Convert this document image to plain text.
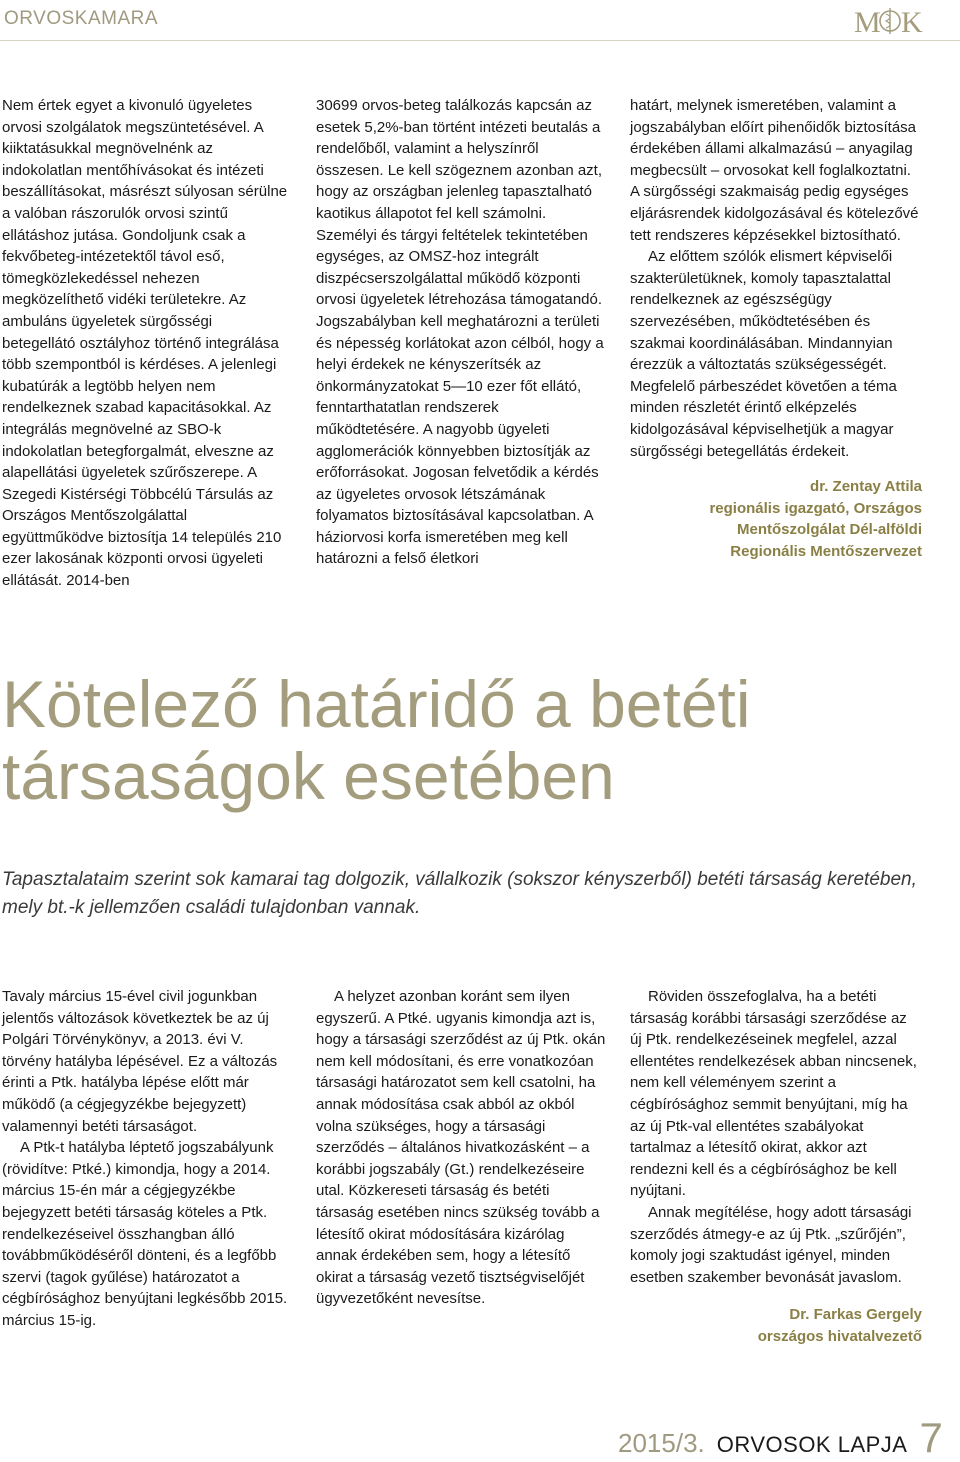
ORVOSKAMARA	M K

Nem értek egyet a kivonuló ügyeletes orvosi szolgálatok megszüntetésével. A kiiktatásukkal megnövelnénk az indokolatlan mentőhívásokat és intézeti beszállításokat, másrészt súlyosan sérülne a valóban rászorulók orvosi szintű ellátáshoz jutása. Gondoljunk csak a fekvőbeteg-intézetektől távol eső, tömegközlekedéssel nehezen megközelíthető vidéki területekre. Az ambuláns ügyeletek sürgősségi betegellátó osztályhoz történő integrálása több szempontból is kérdéses. A jelenlegi kubatúrák a legtöbb helyen nem rendelkeznek szabad kapacitásokkal. Az integrálás megnövelné az SBO-k indokolatlan betegforgalmát, elveszne az alapellátási ügyeletek szűrőszerepe. A Szegedi Kistérségi Többcélú Társulás az Országos Mentőszolgálattal együttműködve biztosítja 14 település 210 ezer lakosának központi orvosi ügyeleti ellátását. 2014-ben

30699 orvos-beteg találkozás kapcsán az esetek 5,2%-ban történt intézeti beutalás a rendelőből, valamint a helyszínről összesen. Le kell szögeznem azonban azt, hogy az országban jelenleg tapasztalható kaotikus állapotot fel kell számolni. Személyi és tárgyi feltételek tekintetében egységes, az OMSZ-hoz integrált diszpécserszolgálattal működő központi orvosi ügyeletek létrehozása támogatandó. Jogszabályban kell meghatározni a területi és népesség korlátokat azon célból, hogy a helyi érdekek ne kényszerítsék az önkormányzatokat 5—10 ezer főt ellátó, fenntarthatatlan rendszerek működtetésére. A nagyobb ügyeleti agglomerációk könnyebben biztosítják az erőforrásokat. Jogosan felvetődik a kérdés az ügyeletes orvosok létszámának folyamatos biztosításával kapcsolatban. A háziorvosi korfa ismeretében meg kell határozni a felső életkori

határt, melynek ismeretében, valamint a jogszabályban előírt pihenőidők biztosítása érdekében állami alkalmazású – anyagilag megbecsült – orvosokat kell foglalkoztatni. A sürgősségi szakmaiság pedig egységes eljárásrendek kidolgozásával és kötelezővé tett rendszeres képzésekkel biztosítható.

Az előttem szólók elismert képviselői szakterületüknek, komoly tapasztalattal rendelkeznek az egészségügy szervezésében, működtetésében és szakmai koordinálásában. Mindannyian érezzük a változtatás szükségességét. Megfelelő párbeszédet követően a téma minden részletét érintő elképzelés kidolgozásával képviselhetjük a magyar sürgősségi betegellátás érdekeit.

dr. Zentay Attila

regionális igazgató, Országos

Mentőszolgálat Dél-alföldi

Regionális Mentőszervezet

Kötelező határidő a betéti
társaságok esetében

Tapasztalataim szerint sok kamarai tag dolgozik, vállalkozik (sokszor kényszerből) betéti társaság keretében, mely bt.-k jellemzően családi tulajdonban vannak.

Tavaly március 15-ével civil jogunkban jelentős változások következtek be az új Polgári Törvénykönyv, a 2013. évi V. törvény hatályba lépésével. Ez a változás érinti a Ptk. hatályba lépése előtt már működő (a cégjegyzékbe bejegyzett) valamennyi betéti társaságot.

A Ptk-t hatályba léptető jogszabályunk (rövidítve: Ptké.) kimondja, hogy a 2014. március 15-én már a cégjegyzékbe bejegyzett betéti társaság köteles a Ptk. rendelkezéseivel összhangban álló továbbműködéséről dönteni, és a legfőbb szervi (tagok gyűlése) határozatot a cégbírósághoz benyújtani legkésőbb 2015. március 15-ig.

A helyzet azonban koránt sem ilyen egyszerű. A Ptké. ugyanis kimondja azt is, hogy a társasági szerződést az új Ptk. okán nem kell módosítani, és erre vonatkozóan társasági határozatot sem kell csatolni, ha annak módosítása csak abból az okból volna szükséges, hogy a társasági szerződés – általános hivatkozásként – a korábbi jogszabály (Gt.) rendelkezéseire utal. Közkereseti társaság és betéti társaság esetében nincs szükség tovább a létesítő okirat módosítására kizárólag annak érdekében sem, hogy a létesítő okirat a társaság vezető tisztségviselőjét ügyvezetőként nevesítse.

Röviden összefoglalva, ha a betéti társaság korábbi társasági szerződése az új Ptk. rendelkezéseinek megfelel, azzal ellentétes rendelkezések abban nincsenek, nem kell véleményem szerint a cégbírósághoz semmit benyújtani, míg ha az új Ptk-val ellentétes szabályokat tartalmaz a létesítő okirat, akkor azt rendezni kell és a cégbírósághoz be kell nyújtani.

Annak megítélése, hogy adott társasági szerződés átmegy-e az új Ptk. „szűrőjén”, komoly jogi szaktudást igényel, minden esetben szakember bevonását javaslom.

Dr. Farkas Gergely

országos hivatalvezető

2015/3. ORVOSOK LAPJA 7
